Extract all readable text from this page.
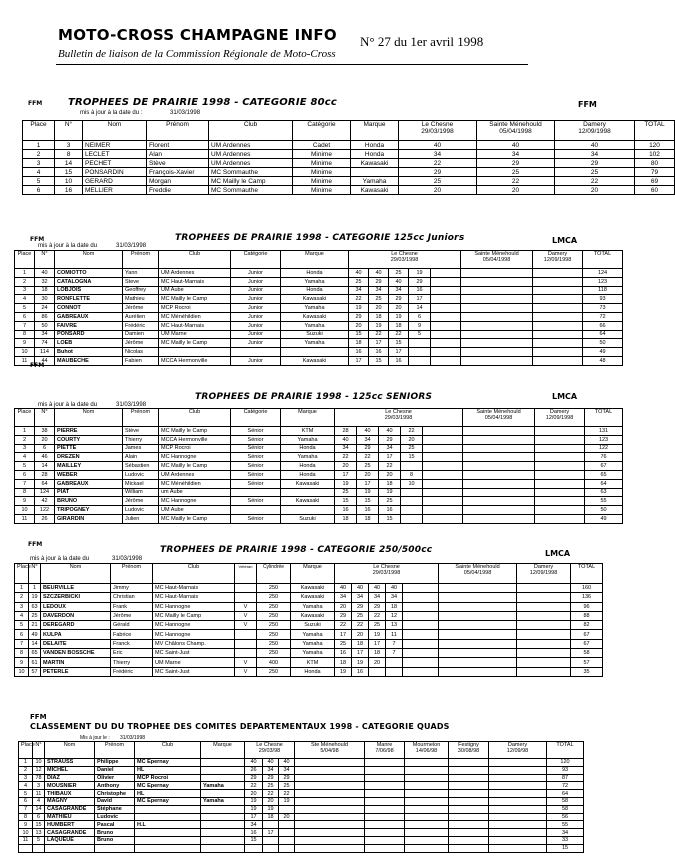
MOTO-CROSS CHAMPAGNE INFO N° 27 du 1er avril 1998
Bulletin de liaison de la Commission Régionale de Moto-Cross
FFM	TROPHEES DE PRAIRIE 1998 - CATEGORIE 80cc	FFM
mis à jour à la date du :	31/03/1998
Place	N°	Nom	Prénom	Club	Catégorie	Marque	Le Chesne
29/03/1998	Sainte Ménehould
05/04/1998	Damery
12/09/1998	TOTAL
1	3	NEIMER	Florent	UM Ardennes	Cadet	Honda	40	40	40	120
2	8	LECLET	Alan	UM Ardennes	Minime	Honda	34	34	34	102
3	14	PECHET	Stève	UM Ardennes	Minime	Kawasaki	22	29	29	80
4	15	PONSARDIN	François-Xavier	MC Sommauthe	Minime		29	25	25	79
5	10	GERARD	Morgan	MC Mailly le Camp	Minime	Yamaha	25	22	22	69
6	16	MELLIER	Freddie	MC Sommauthe	Minime	Kawasaki	20	20	20	60
FFM	TROPHEES DE PRAIRIE 1998 - CATEGORIE 125cc Juniors	LMCA
mis à jour à la date du	31/03/1998
Place	N°	Nom	Prénom	Club	Catégorie	Marque	Le Chesne
29/03/1998					Sainte Ménehould
05/04/1998	Damery
12/09/1998	TOTAL
1	40	COMIOTTO	Yann	UM Ardennes	Junior	Honda	40	40	25	19				124
2	32	CATALOGNA	Steve	MC Haut-Marnais	Junior	Yamaha	25	29	40	29				123
3	18	LOBJOIS	Geoffrey	UM Aube	Junior	Honda	34	34	34	16				118
4	30	RONFLETTE	Mathieu	MC Mailly le Camp	Junior	Kawasaki	22	25	29	17				93
5	24	CONNOT	Jérôme	MCP Rocroi	Junior	Yamaha	19	20	20	14				73
6	86	GABREAUX	Aurélien	MC Ménéhildien	Junior	Kawasaki	29	18	19	6				72
7	50	FAIVRE	Frédéric	MC Haut-Marnais	Junior	Yamaha	20	19	18	9				66
8	34	PONSARD	Damien	UM Marne	Junior	Suzuki	15	22	22	5				64
9	74	LOEB	Jérôme	MC Mailly le Camp	Junior	Yamaha	18	17	15					50
10	114	Buhot	Nicolas				16	16	17					49
11	44	MAUBECHE	Fabien	MCCA Hermonville	Junior	Kawasaki	17	15	16					48
FFM
TROPHEES DE PRAIRIE 1998 - 125cc SENIORS	LMCA
mis à jour à la date du	31/03/1998
Place	N°	Nom	Prénom	Club	Catégorie	Marque	Le Chesne
29/03/1998					Sainte Ménehould
05/04/1998	Damery
12/09/1998	TOTAL
1	38	PIERRE	Stève	MC Mailly le Camp	Sénior	KTM	28	40	40	22				131
2	20	COURTY	Thierry	MCCA Hermonville	Sénior	Yamaha	40	34	29	20				123
3	6	PIETTE	James	MCP Rocroi	Sénior	Honda	34	29	34	25				122
4	46	DREZEN	Alain	MC Hannogne	Sénior	Yamaha	22	22	17	15				76
5	14	MAILLEY	Sébastien	MC Mailly le Camp	Sénior	Honda	20	25	22					67
6	28	WEBER	Ludovic	UM Ardennes	Sénior	Honda	17	20	20	8				65
7	64	GABREAUX	Mickael	MC Ménéhildien	Sénior	Kawasaki	19	17	18	10				64
8	124	PIAT	William	um Aube			25	19	19					63
9	42	BRUNO	Jérôme	MC Hannogne	Sénior	Kawasaki	15	15	25					55
10	122	TRIPOGNEY	Ludovic	UM Aube			16	16	16					50
11	26	GIRARDIN	Julien	MC Mailly le Camp	Sénior	Suzuki	18	18	15					49
FFM
TROPHEES DE PRAIRIE 1998 - CATEGORIE 250/500cc	LMCA
mis à jour à la date du	31/03/1998
Place	N°	Nom	Prénom	Club	Vétéran	Cylindrée	Marque	Le Chesne
29/03/1998					Sainte Ménehould
05/04/1998	Damery
12/09/1998	TOTAL
1	1	BEURVILLE	Jimmy	MC Haut-Marnais		250	Kawasaki	40	40	40	40				160
2	19	SZCZERBICKI	Christian	MC Haut-Marnais		250	Kawasaki	34	34	34	34				136
3	63	LEDOUX	Frank	MC Hannogne	V	250	Yamaha	20	29	29	18				96
4	25	DAVERDON	Jérôme	MC Mailly le Camp	V	250	Kawasaki	29	25	22	12				88
5	21	DEREGARD	Gérald	MC Hannogne	V	250	Suzuki	22	22	25	13				82
6	49	KULPA	Fabrice	MC Hannogne		250	Yamaha	17	20	19	11				67
7	14	DELAITE	Franck	MV Châlons Champ.		250	Yamaha	25	18	17	7				67
8	65	VANDEN BOSSCHE	Eric	MC Saint-Just		250	Yamaha	16	17	18	7				58
9	61	MARTIN	Thierry	UM Marne	V	400	KTM	18	19	20					57
10	57	PETERLE	Frédéric	MC Saint-Just	V	250	Honda	19	16						35
FFM
CLASSEMENT DU DU TROPHEE DES COMITES DEPARTEMENTAUX 1998 - CATEGORIE QUADS
Mis à jour le : 31/03/1998
Place	N°	Nom	Prénom	Club	Marque	Le Chesne
29/03/98			Ste Ménehould
5/04/98	Manre
7/06/98	Mourmelon
14/06/98	Festigny
30/08/98	Damery
12/09/98	TOTAL
1	10	STRAUSS	Philippe	MC Epernay		40	40	40						120
2	12	MICHEL	Daniel	HL		26	34	34						93
3	78	DIAZ	Olivier	MCP Rocroi		29	29	29						87
4	3	MOUSNIER	Anthony	MC Epernay	Yamaha	22	25	25						72
5	11	THIBAUX	Christophe	HL		20	22	22						64
6	4	MAGNY	David	MC Epernay	Yamaha	19	20	19						58
7	14	CASAGRANDE	Stéphane			19	19							58
8	6	MATHIEU	Ludovic			17	18	20						56
9	15	HUMBERT	Pascal	H.L		34								55
10	13	CASAGRANDE	Bruno			16	17							34
11	5	LAQUEUE	Bruno			15								33
														15
